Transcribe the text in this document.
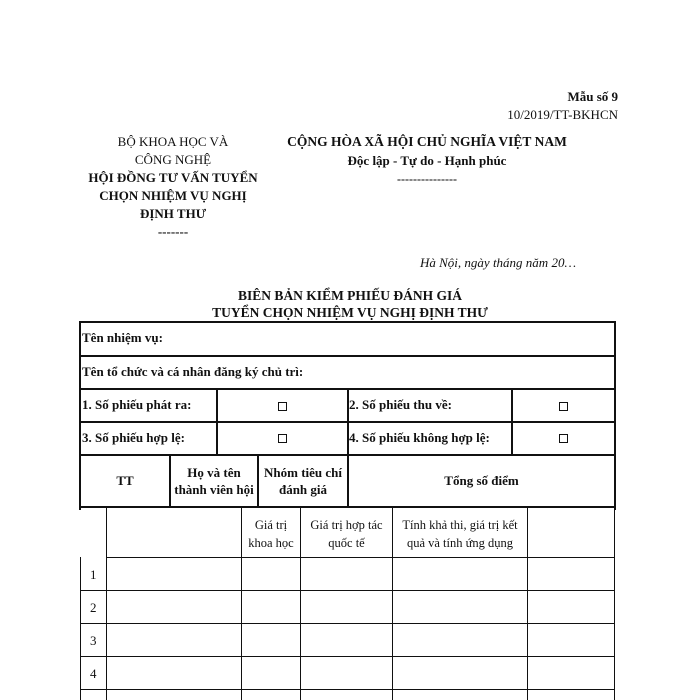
Mẫu số 9
10/2019/TT-BKHCN
BỘ KHOA HỌC VÀ
CÔNG NGHỆ
HỘI ĐỒNG TƯ VẤN TUYỂN
CHỌN NHIỆM VỤ NGHỊ
ĐỊNH THƯ
-------
CỘNG HÒA XÃ HỘI CHỦ NGHĨA VIỆT NAM
Độc lập - Tự do - Hạnh phúc
---------------
Hà Nội, ngày tháng năm 20…
BIÊN BẢN KIỂM PHIẾU ĐÁNH GIÁ
TUYỂN CHỌN NHIỆM VỤ NGHỊ ĐỊNH THƯ
Tên nhiệm vụ:
Tên tổ chức và cá nhân đăng ký chủ trì:
1. Số phiếu phát ra:	2. Số phiếu thu về:
3. Số phiếu hợp lệ:	4. Số phiếu không hợp lệ:
TT
Họ và tên
thành viên hội
Nhóm tiêu chí
đánh giá
Tổng số điểm
Giá trị
khoa học
Giá trị hợp tác
quốc tế
Tính khả thi, giá trị kết
quả và tính ứng dụng
1
2
3
4
